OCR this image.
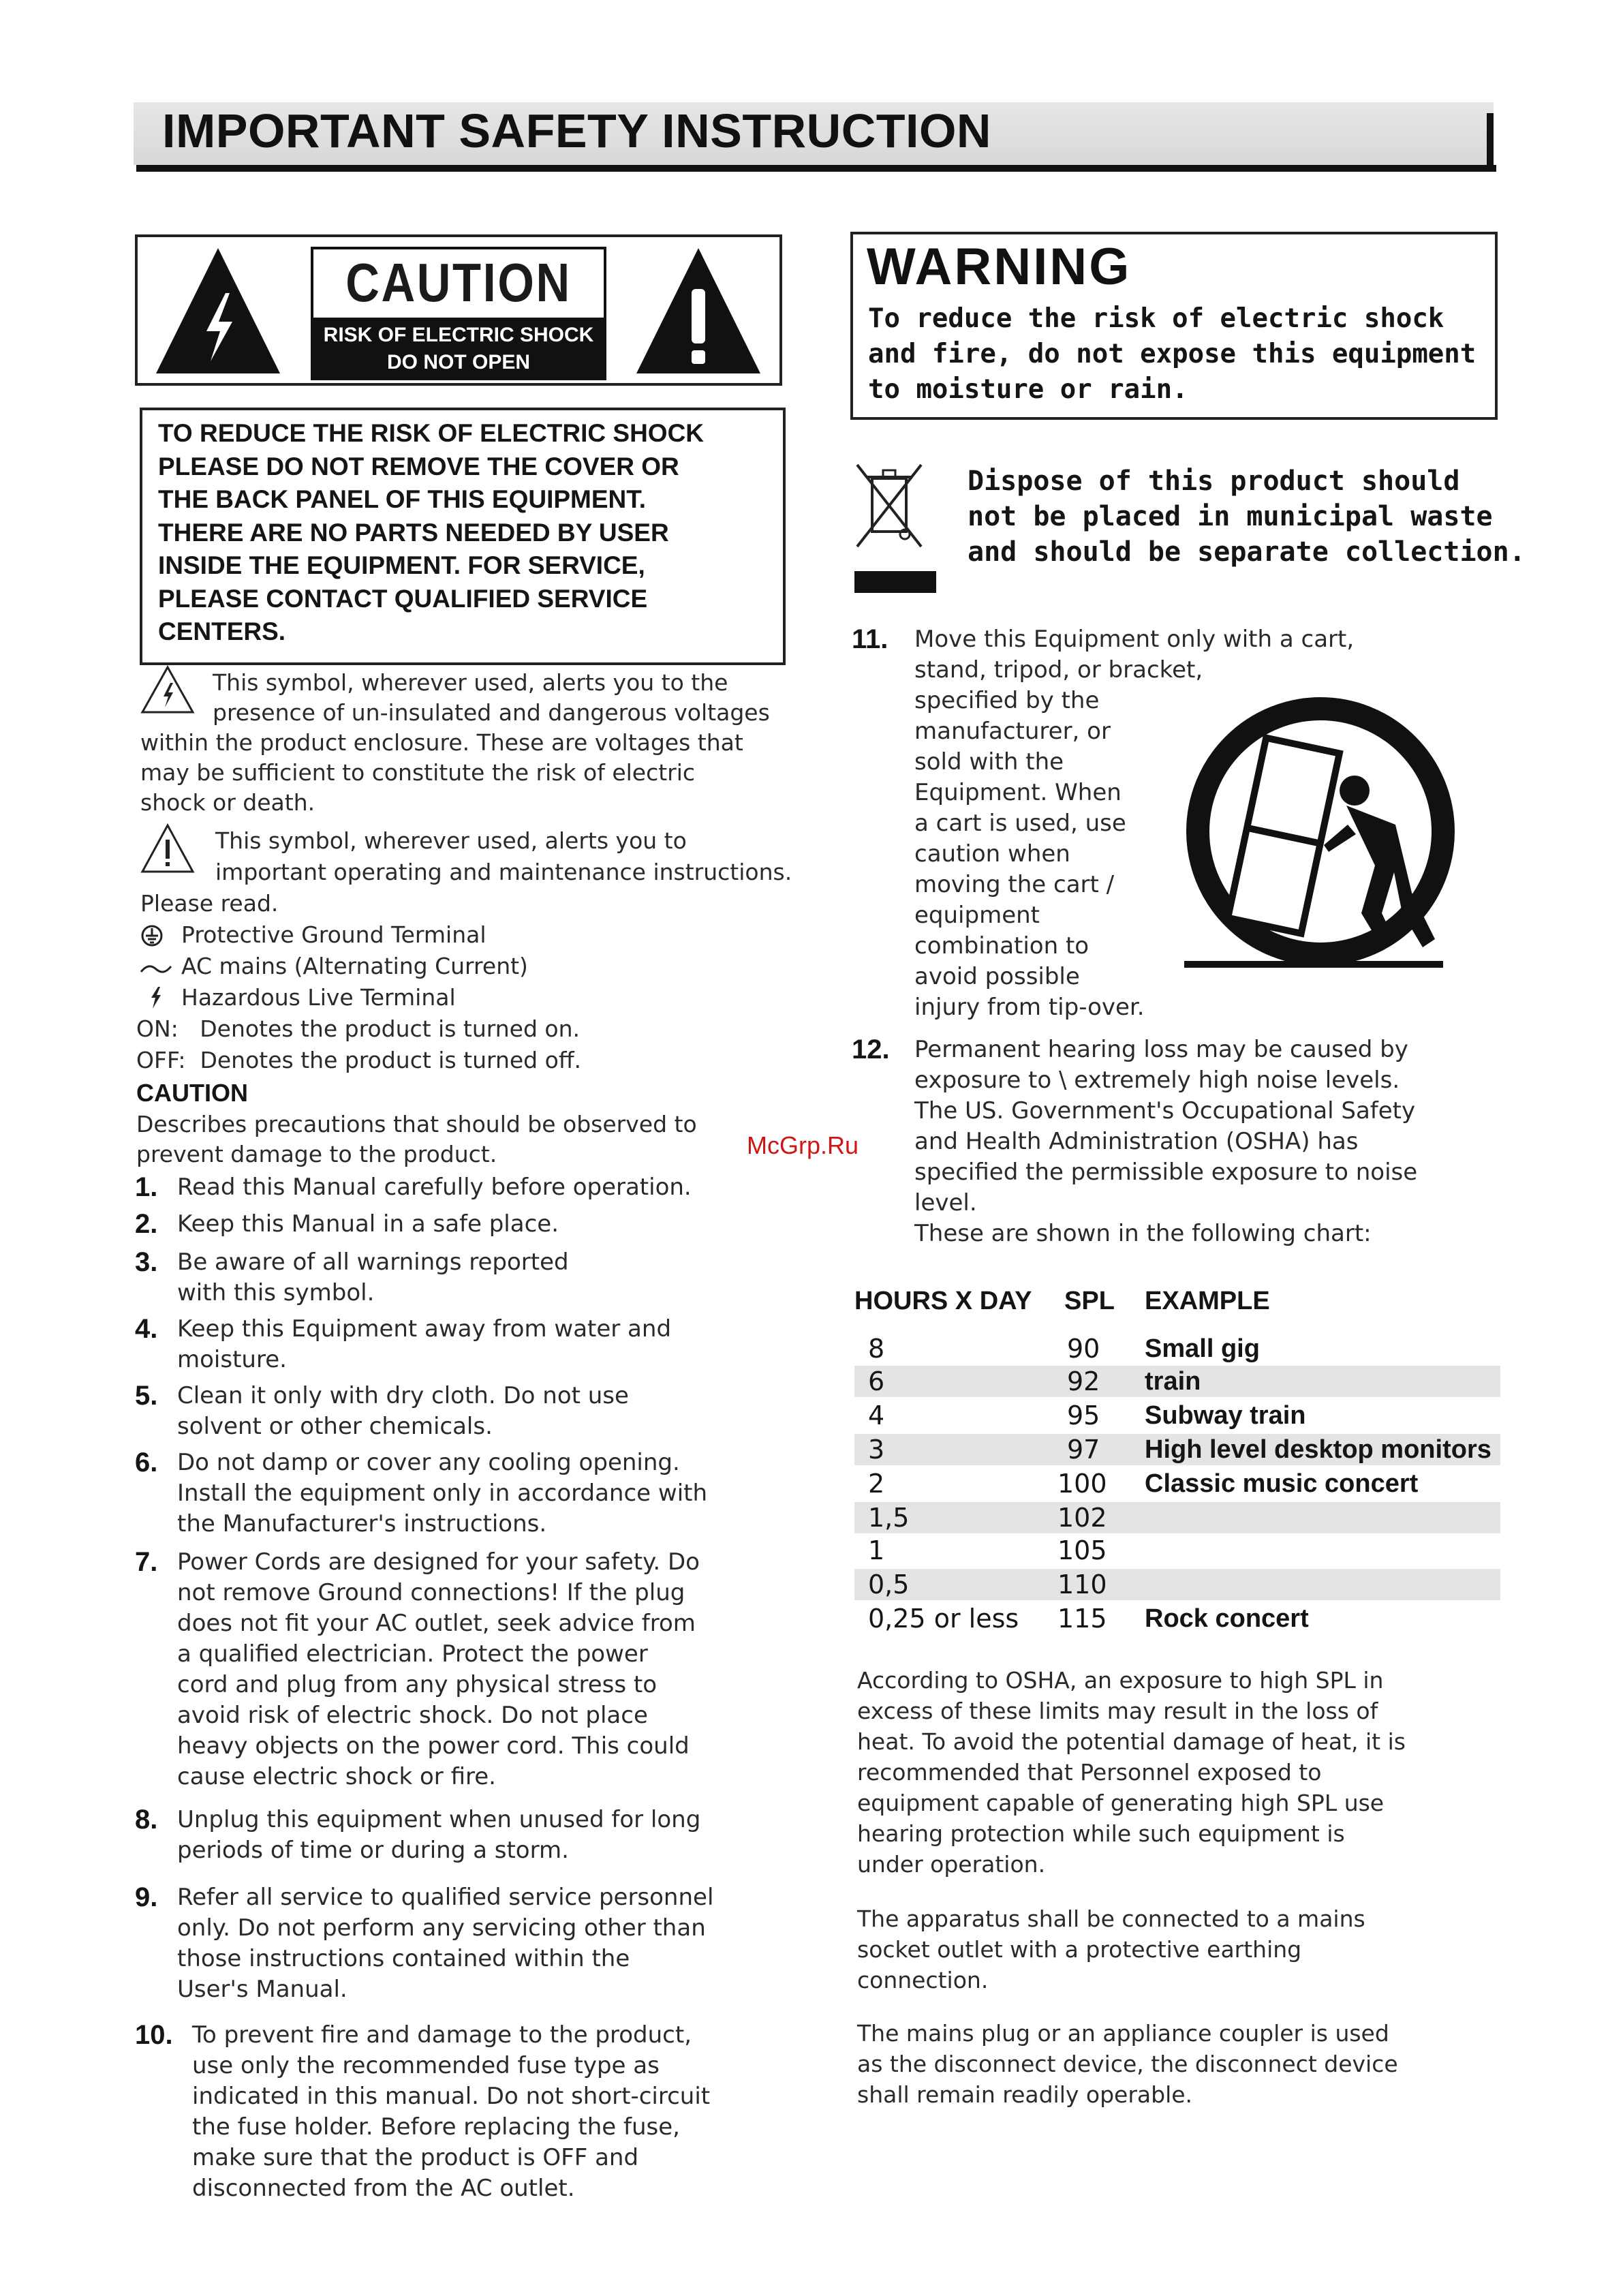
IMPORTANT SAFETY INSTRUCTION
CAUTION
RISK OF ELECTRIC SHOCK
DO NOT OPEN
TO REDUCE THE RISK OF ELECTRIC SHOCK
PLEASE DO NOT REMOVE THE COVER OR
THE BACK PANEL OF THIS EQUIPMENT.
THERE ARE NO PARTS NEEDED BY USER
INSIDE THE EQUIPMENT. FOR SERVICE,
PLEASE CONTACT QUALIFIED SERVICE
CENTERS.
This symbol, wherever used, alerts you to the
presence of un-insulated and dangerous voltages
within the product enclosure. These are voltages that
may be sufficient to constitute the risk of electric
shock or death.
This symbol, wherever used, alerts you to
important operating and maintenance instructions.
Please read.
Protective Ground Terminal
AC mains (Alternating Current)
Hazardous Live Terminal
ON:   Denotes the product is turned on.
OFF:  Denotes the product is turned off.
CAUTION
Describes precautions that should be observed to
prevent damage to the product.
1. Read this Manual carefully before operation.
2. Keep this Manual in a safe place.
3. Be aware of all warnings reported
with this symbol.
4. Keep this Equipment away from water and
moisture.
5. Clean it only with dry cloth. Do not use
solvent or other chemicals.
6. Do not damp or cover any cooling opening.
Install the equipment only in accordance with
the Manufacturer's instructions.
7. Power Cords are designed for your safety. Do
not remove Ground connections! If the plug
does not fit your AC outlet, seek advice from
a qualified electrician. Protect the power
cord and plug from any physical stress to
avoid risk of electric shock. Do not place
heavy objects on the power cord. This could
cause electric shock or fire.
8. Unplug this equipment when unused for long
periods of time or during a storm.
9. Refer all service to qualified service personnel
only. Do not perform any servicing other than
those instructions contained within the
User's Manual.
10. To prevent fire and damage to the product,
use only the recommended fuse type as
indicated in this manual. Do not short-circuit
the fuse holder. Before replacing the fuse,
make sure that the product is OFF and
disconnected from the AC outlet.
WARNING
To reduce the risk of electric shock
and fire, do not expose this equipment
to moisture or rain.
Dispose of this product should
not be placed in municipal waste
and should be separate collection.
11. Move this Equipment only with a cart,
stand, tripod, or bracket,
specified by the
manufacturer, or
sold with the
Equipment. When
a cart is used, use
caution when
moving the cart /
equipment
combination to
avoid possible
injury from tip-over.
12. Permanent hearing loss may be caused by
exposure to \ extremely high noise levels.
The US. Government's Occupational Safety
and Health Administration (OSHA) has
specified the permissible exposure to noise
level.
These are shown in the following chart:
HOURS X DAY SPL EXAMPLE
8	90 Small gig
6	92 train
4	95 Subway train
3	97 High level desktop monitors
2	100 Classic music concert
1,5	102
1	105
0,5	110
0,25 or less 115 Rock concert
According to OSHA, an exposure to high SPL in
excess of these limits may result in the loss of
heat. To avoid the potential damage of heat, it is
recommended that Personnel exposed to
equipment capable of generating high SPL use
hearing protection while such equipment is
under operation.
The apparatus shall be connected to a mains
socket outlet with a protective earthing
connection.
The mains plug or an appliance coupler is used
as the disconnect device, the disconnect device
shall remain readily operable.
McGrp.Ru
